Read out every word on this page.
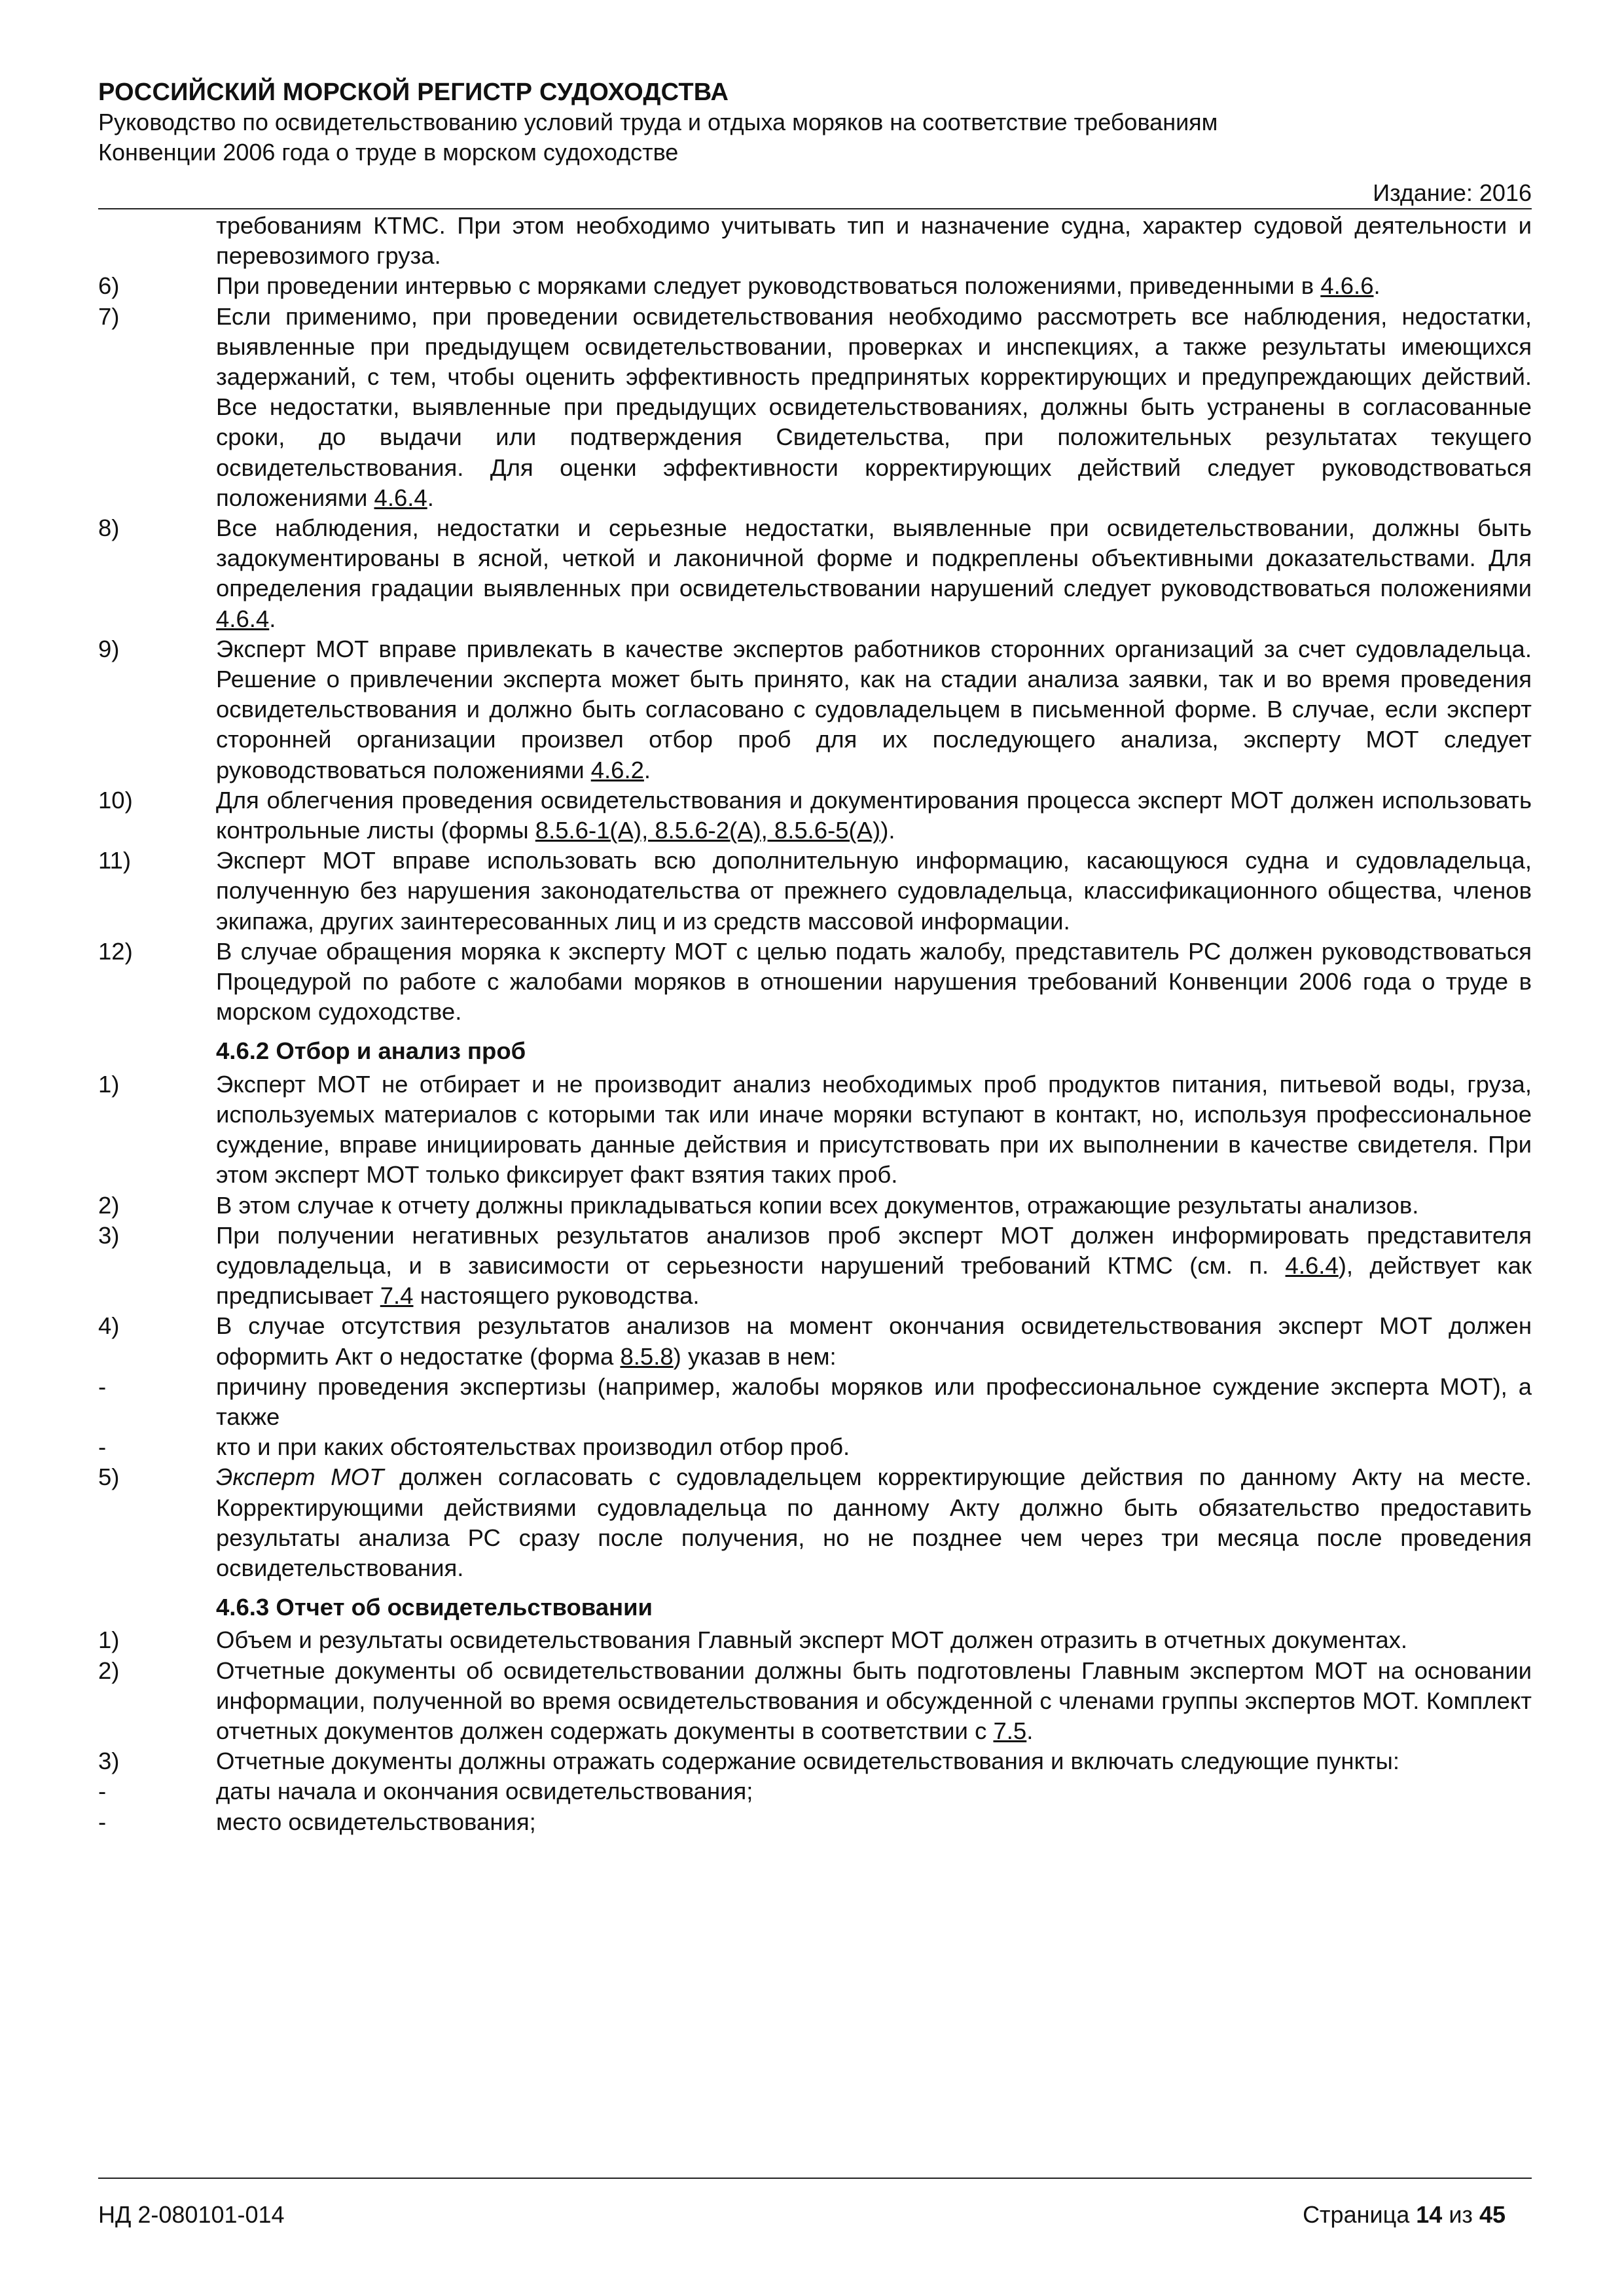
РОССИЙСКИЙ МОРСКОЙ РЕГИСТР СУДОХОДСТВА
Руководство по освидетельствованию условий труда и отдыха моряков на соответствие требованиям
Конвенции 2006 года о труде в морском судоходстве
Издание: 2016
требованиям КТМС. При этом необходимо учитывать тип и назначение судна, характер судовой деятельности и перевозимого груза.
6)	При проведении интервью с моряками следует руководствоваться положениями, приведенными в 4.6.6.
7)	Если применимо, при проведении освидетельствования необходимо рассмотреть все наблюдения, недостатки, выявленные при предыдущем освидетельствовании, проверках и инспекциях, а также результаты имеющихся задержаний, с тем, чтобы оценить эффективность предпринятых корректирующих и предупреждающих действий. Все недостатки, выявленные при предыдущих освидетельствованиях, должны быть устранены в согласованные сроки, до выдачи или подтверждения Свидетельства, при положительных результатах текущего освидетельствования. Для оценки эффективности корректирующих действий следует руководствоваться положениями 4.6.4.
8)	Все наблюдения, недостатки и серьезные недостатки, выявленные при освидетельствовании, должны быть задокументированы в ясной, четкой и лаконичной форме и подкреплены объективными доказательствами. Для определения градации выявленных при освидетельствовании нарушений следует руководствоваться положениями 4.6.4.
9)	Эксперт МОТ вправе привлекать в качестве экспертов работников сторонних организаций за счет судовладельца. Решение о привлечении эксперта может быть принято, как на стадии анализа заявки, так и во время проведения освидетельствования и должно быть согласовано с судовладельцем в письменной форме. В случае, если эксперт сторонней организации произвел отбор проб для их последующего анализа, эксперту МОТ следует руководствоваться положениями 4.6.2.
10)	Для облегчения проведения освидетельствования и документирования процесса эксперт МОТ должен использовать контрольные листы (формы 8.5.6-1(А), 8.5.6-2(А), 8.5.6-5(А)).
11)	Эксперт МОТ вправе использовать всю дополнительную информацию, касающуюся судна и судовладельца, полученную без нарушения законодательства от прежнего судовладельца, классификационного общества, членов экипажа, других заинтересованных лиц и из средств массовой информации.
12)	В случае обращения моряка к эксперту МОТ с целью подать жалобу, представитель РС должен руководствоваться Процедурой по работе с жалобами моряков в отношении нарушения требований Конвенции 2006 года о труде в морском судоходстве.
4.6.2 Отбор и анализ проб
1)	Эксперт МОТ не отбирает и не производит анализ необходимых проб продуктов питания, питьевой воды, груза, используемых материалов с которыми так или иначе моряки вступают в контакт, но, используя профессиональное суждение, вправе инициировать данные действия и присутствовать при их выполнении в качестве свидетеля. При этом эксперт МОТ только фиксирует факт взятия таких проб.
2)	В этом случае к отчету должны прикладываться копии всех документов, отражающие результаты анализов.
3)	При получении негативных результатов анализов проб эксперт МОТ должен информировать представителя судовладельца, и в зависимости от серьезности нарушений требований КТМС (см. п. 4.6.4), действует как предписывает 7.4 настоящего руководства.
4)	В случае отсутствия результатов анализов на момент окончания освидетельствования эксперт МОТ должен оформить Акт о недостатке (форма 8.5.8) указав в нем:
-	причину проведения экспертизы (например, жалобы моряков или профессиональное суждение эксперта МОТ), а также
-	кто и при каких обстоятельствах производил отбор проб.
5)	Эксперт МОТ должен согласовать с судовладельцем корректирующие действия по данному Акту на месте. Корректирующими действиями судовладельца по данному Акту должно быть обязательство предоставить результаты анализа РС сразу после получения, но не позднее чем через три месяца после проведения освидетельствования.
4.6.3 Отчет об освидетельствовании
1)	Объем и результаты освидетельствования Главный эксперт МОТ должен отразить в отчетных документах.
2)	Отчетные документы об освидетельствовании должны быть подготовлены Главным экспертом МОТ на основании информации, полученной во время освидетельствования и обсужденной с членами группы экспертов МОТ. Комплект отчетных документов должен содержать документы в соответствии с 7.5.
3)	Отчетные документы должны отражать содержание освидетельствования и включать следующие пункты:
-	даты начала и окончания освидетельствования;
-	место освидетельствования;
НД 2-080101-014	Страница 14 из 45
